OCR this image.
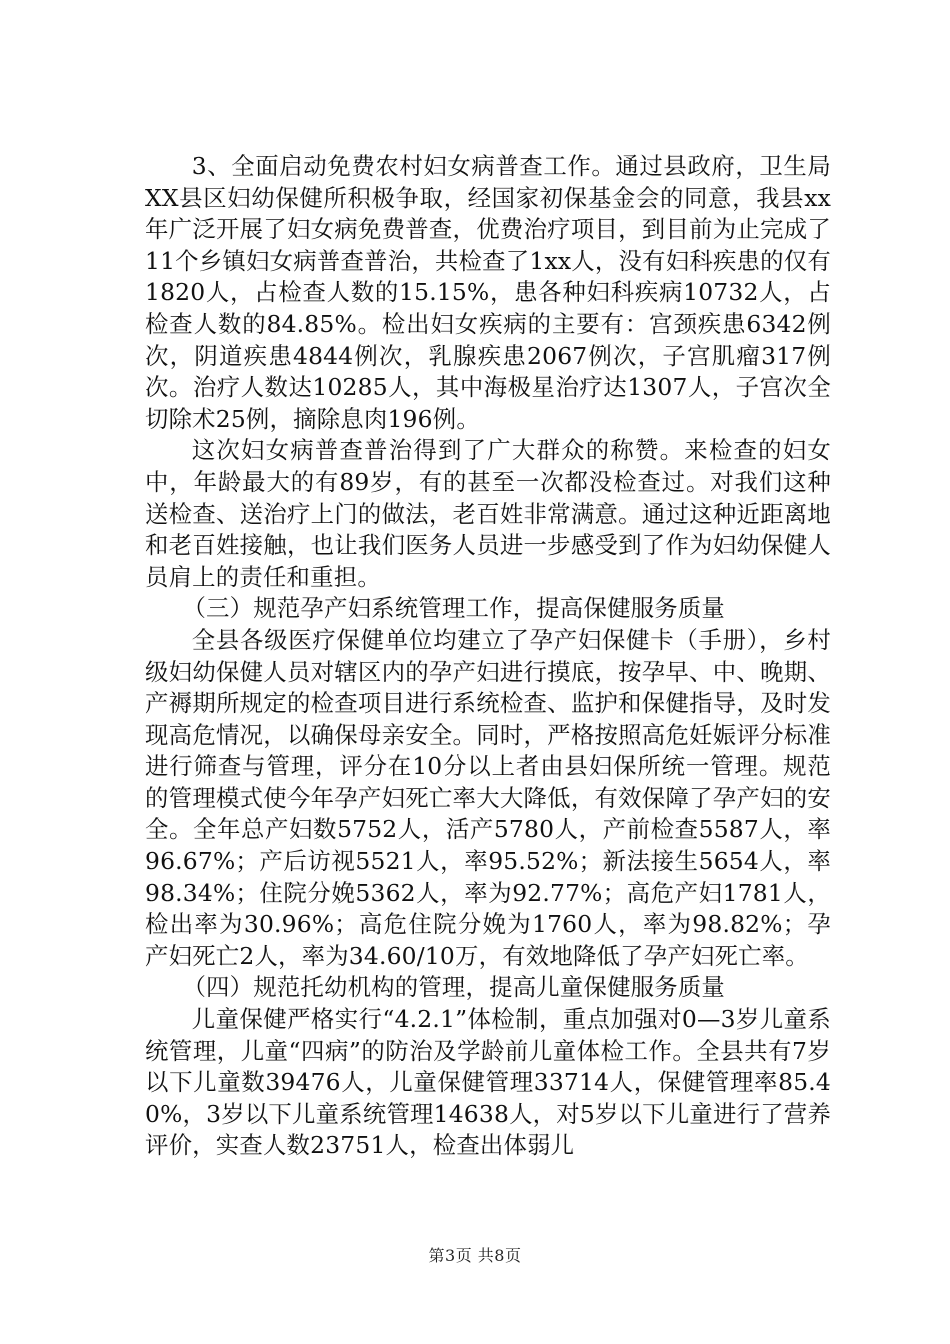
3、全面启动免费农村妇女病普查工作。通过县政府，卫生局XX县区妇幼保健所积极争取，经国家初保基金会的同意，我县xx年广泛开展了妇女病免费普查，优费治疗项目，到目前为止完成了11个乡镇妇女病普查普治，共检查了1xx人，没有妇科疾患的仅有1820人，占检查人数的15.15%，患各种妇科疾病10732人，占检查人数的84.85%。检出妇女疾病的主要有：宫颈疾患6342例次，阴道疾患4844例次，乳腺疾患2067例次，子宫肌瘤317例次。治疗人数达10285人，其中海极星治疗达1307人，子宫次全切除术25例，摘除息肉196例。

这次妇女病普查普治得到了广大群众的称赞。来检查的妇女中，年龄最大的有89岁，有的甚至一次都没检查过。对我们这种送检查、送治疗上门的做法，老百姓非常满意。通过这种近距离地和老百姓接触，也让我们医务人员进一步感受到了作为妇幼保健人员肩上的责任和重担。

（三）规范孕产妇系统管理工作，提高保健服务质量

全县各级医疗保健单位均建立了孕产妇保健卡（手册），乡村级妇幼保健人员对辖区内的孕产妇进行摸底，按孕早、中、晚期、产褥期所规定的检查项目进行系统检查、监护和保健指导，及时发现高危情况，以确保母亲安全。同时，严格按照高危妊娠评分标准进行筛查与管理，评分在10分以上者由县妇保所统一管理。规范的管理模式使今年孕产妇死亡率大大降低，有效保障了孕产妇的安全。全年总产妇数5752人，活产5780人，产前检查5587人，率96.67%；产后访视5521人，率95.52%；新法接生5654人，率98.34%；住院分娩5362人，率为92.77%；高危产妇1781人，检出率为30.96%；高危住院分娩为1760人，率为98.82%；孕产妇死亡2人，率为34.60/10万，有效地降低了孕产妇死亡率。

（四）规范托幼机构的管理，提高儿童保健服务质量

儿童保健严格实行“4.2.1”体检制，重点加强对0—3岁儿童系统管理，儿童“四病”的防治及学龄前儿童体检工作。全县共有7岁以下儿童数39476人，儿童保健管理33714人，保健管理率85.40%，3岁以下儿童系统管理14638人，对5岁以下儿童进行了营养评价，实查人数23751人，检查出体弱儿

第3页 共8页
